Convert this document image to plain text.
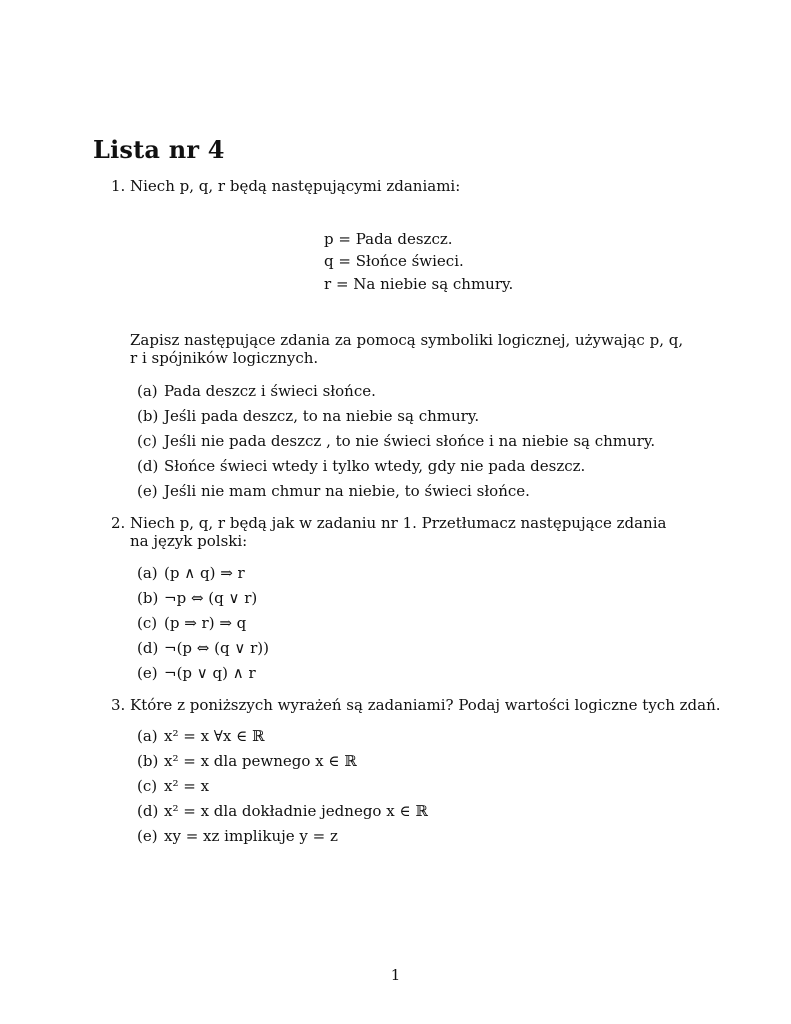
Lista nr 4
1. Niech p, q, r będą następującymi zdaniami:
p = Pada deszcz.
q = Słońce świeci.
r = Na niebie są chmury.
Zapisz następujące zdania za pomocą symboliki logicznej, używając p, q, r i spójników logicznych.
(a) Pada deszcz i świeci słońce.
(b) Jeśli pada deszcz, to na niebie są chmury.
(c) Jeśli nie pada deszcz , to nie świeci słońce i na niebie są chmury.
(d) Słońce świeci wtedy i tylko wtedy, gdy nie pada deszcz.
(e) Jeśli nie mam chmur na niebie, to świeci słońce.
2. Niech p, q, r będą jak w zadaniu nr 1. Przetłumacz następujące zdania na język polski:
(a) (p ∧ q) ⇒ r
(b) ¬p ⇔ (q ∨ r)
(c) (p ⇒ r) ⇒ q
(d) ¬(p ⇔ (q ∨ r))
(e) ¬(p ∨ q) ∧ r
3. Które z poniższych wyrażeń są zadaniami? Podaj wartości logiczne tych zdań.
(a) x² = x ∀x ∈ ℝ
(b) x² = x dla pewnego x ∈ ℝ
(c) x² = x
(d) x² = x dla dokładnie jednego x ∈ ℝ
(e) xy = xz implikuje y = z
1
